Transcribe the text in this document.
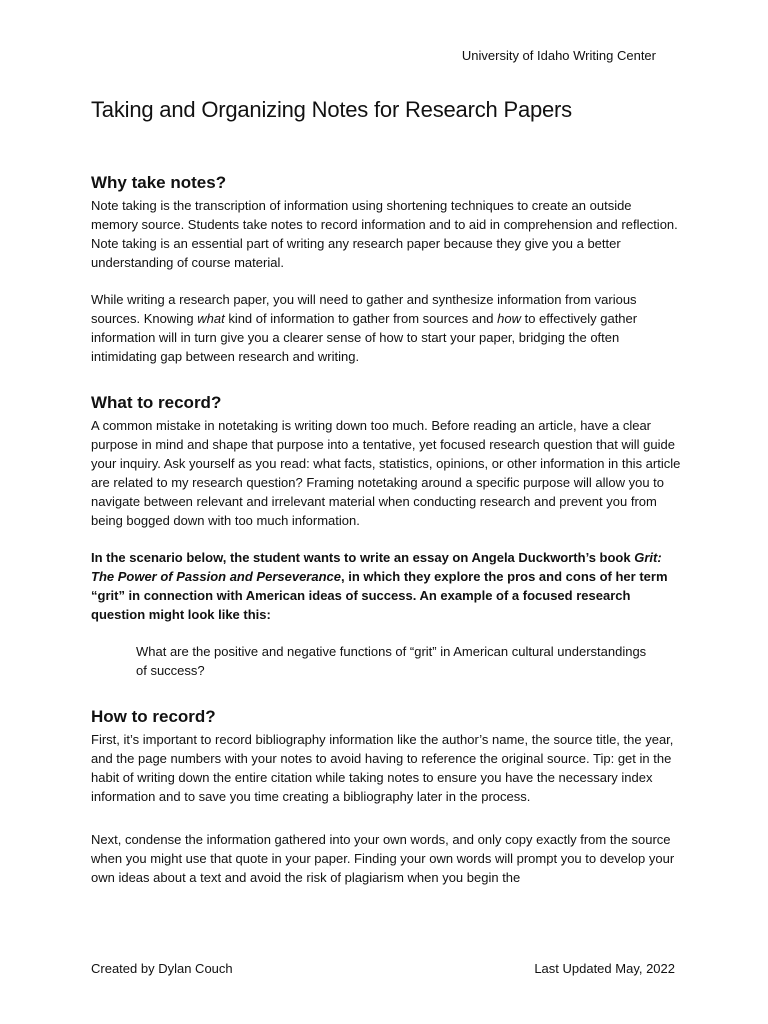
University of Idaho Writing Center
Taking and Organizing Notes for Research Papers
Why take notes?

Note taking is the transcription of information using shortening techniques to create an outside memory source. Students take notes to record information and to aid in comprehension and reflection. Note taking is an essential part of writing any research paper because they give you a better understanding of course material.

While writing a research paper, you will need to gather and synthesize information from various sources. Knowing what kind of information to gather from sources and how to effectively gather information will in turn give you a clearer sense of how to start your paper, bridging the often intimidating gap between research and writing.

What to record?

A common mistake in notetaking is writing down too much. Before reading an article, have a clear purpose in mind and shape that purpose into a tentative, yet focused research question that will guide your inquiry. Ask yourself as you read: what facts, statistics, opinions, or other information in this article are related to my research question? Framing notetaking around a specific purpose will allow you to navigate between relevant and irrelevant material when conducting research and prevent you from being bogged down with too much information.

In the scenario below, the student wants to write an essay on Angela Duckworth’s book Grit: The Power of Passion and Perseverance, in which they explore the pros and cons of her term “grit” in connection with American ideas of success. An example of a focused research question might look like this:

What are the positive and negative functions of “grit” in American cultural understandings of success?

How to record?

First, it’s important to record bibliography information like the author’s name, the source title, the year, and the page numbers with your notes to avoid having to reference the original source. Tip: get in the habit of writing down the entire citation while taking notes to ensure you have the necessary index information and to save you time creating a bibliography later in the process.

Next, condense the information gathered into your own words, and only copy exactly from the source when you might use that quote in your paper. Finding your own words will prompt you to develop your own ideas about a text and avoid the risk of plagiarism when you begin the

Created by Dylan Couch	Last Updated May, 2022
